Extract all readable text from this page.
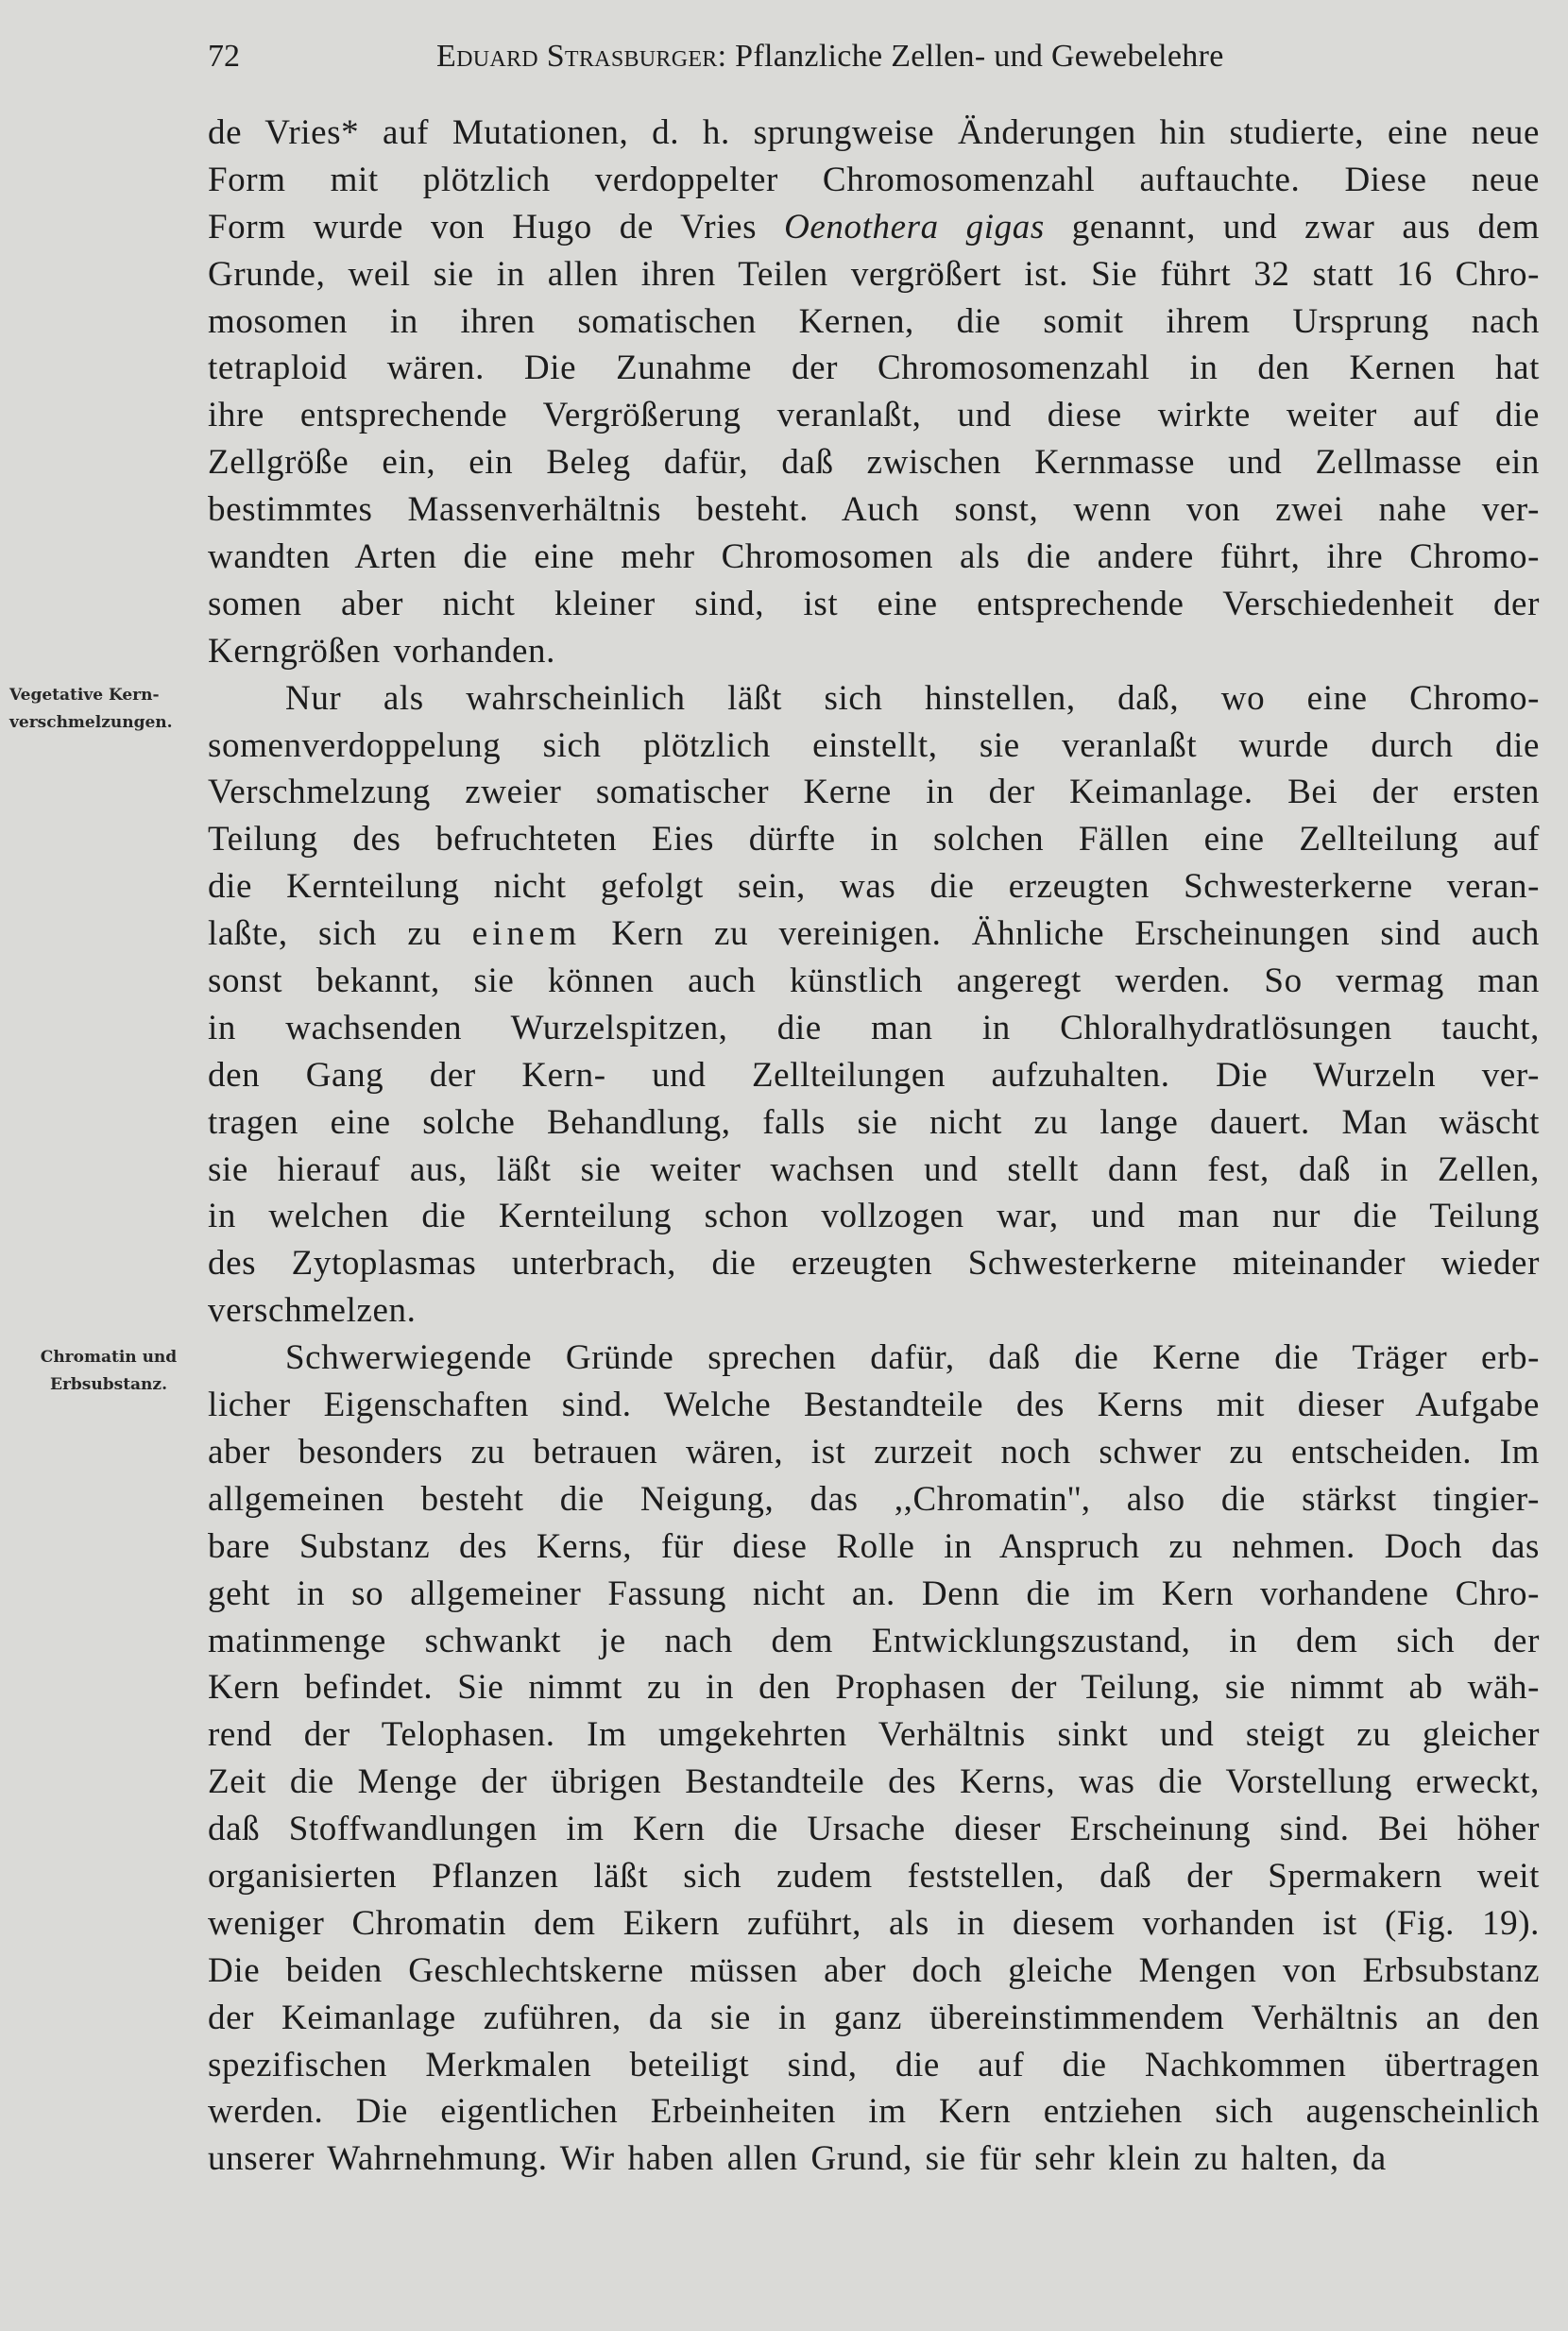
72	Eduard Strasburger: Pflanzliche Zellen- und Gewebelehre
Vegetative Kern-
verschmelzungen.
Chromatin und
Erbsubstanz.
de Vries* auf Mutationen, d. h. sprungweise Änderungen hin studierte, eine neue
Form mit plötzlich verdoppelter Chromosomenzahl auftauchte. Diese neue
Form wurde von Hugo de Vries Oenothera gigas genannt, und zwar aus dem
Grunde, weil sie in allen ihren Teilen vergrößert ist. Sie führt 32 statt 16 Chro-
mosomen in ihren somatischen Kernen, die somit ihrem Ursprung nach
tetraploid wären. Die Zunahme der Chromosomenzahl in den Kernen hat
ihre entsprechende Vergrößerung veranlaßt, und diese wirkte weiter auf die
Zellgröße ein, ein Beleg dafür, daß zwischen Kernmasse und Zellmasse ein
bestimmtes Massenverhältnis besteht. Auch sonst, wenn von zwei nahe ver-
wandten Arten die eine mehr Chromosomen als die andere führt, ihre Chromo-
somen aber nicht kleiner sind, ist eine entsprechende Verschiedenheit der
Kerngrößen vorhanden.
Nur als wahrscheinlich läßt sich hinstellen, daß, wo eine Chromo-
somenverdoppelung sich plötzlich einstellt, sie veranlaßt wurde durch die
Verschmelzung zweier somatischer Kerne in der Keimanlage. Bei der ersten
Teilung des befruchteten Eies dürfte in solchen Fällen eine Zellteilung auf
die Kernteilung nicht gefolgt sein, was die erzeugten Schwesterkerne veran-
laßte, sich zu einem Kern zu vereinigen. Ähnliche Erscheinungen sind auch
sonst bekannt, sie können auch künstlich angeregt werden. So vermag man
in wachsenden Wurzelspitzen, die man in Chloralhydratlösungen taucht,
den Gang der Kern- und Zellteilungen aufzuhalten. Die Wurzeln ver-
tragen eine solche Behandlung, falls sie nicht zu lange dauert. Man wäscht
sie hierauf aus, läßt sie weiter wachsen und stellt dann fest, daß in Zellen,
in welchen die Kernteilung schon vollzogen war, und man nur die Teilung
des Zytoplasmas unterbrach, die erzeugten Schwesterkerne miteinander wieder
verschmelzen.
Schwerwiegende Gründe sprechen dafür, daß die Kerne die Träger erb-
licher Eigenschaften sind. Welche Bestandteile des Kerns mit dieser Aufgabe
aber besonders zu betrauen wären, ist zurzeit noch schwer zu entscheiden. Im
allgemeinen besteht die Neigung, das ,,Chromatin'', also die stärkst tingier-
bare Substanz des Kerns, für diese Rolle in Anspruch zu nehmen. Doch das
geht in so allgemeiner Fassung nicht an. Denn die im Kern vorhandene Chro-
matinmenge schwankt je nach dem Entwicklungszustand, in dem sich der
Kern befindet. Sie nimmt zu in den Prophasen der Teilung, sie nimmt ab wäh-
rend der Telophasen. Im umgekehrten Verhältnis sinkt und steigt zu gleicher
Zeit die Menge der übrigen Bestandteile des Kerns, was die Vorstellung erweckt,
daß Stoffwandlungen im Kern die Ursache dieser Erscheinung sind. Bei höher
organisierten Pflanzen läßt sich zudem feststellen, daß der Spermakern weit
weniger Chromatin dem Eikern zuführt, als in diesem vorhanden ist (Fig. 19).
Die beiden Geschlechtskerne müssen aber doch gleiche Mengen von Erbsubstanz
der Keimanlage zuführen, da sie in ganz übereinstimmendem Verhältnis an den
spezifischen Merkmalen beteiligt sind, die auf die Nachkommen übertragen
werden. Die eigentlichen Erbeinheiten im Kern entziehen sich augenscheinlich
unserer Wahrnehmung. Wir haben allen Grund, sie für sehr klein zu halten, da
